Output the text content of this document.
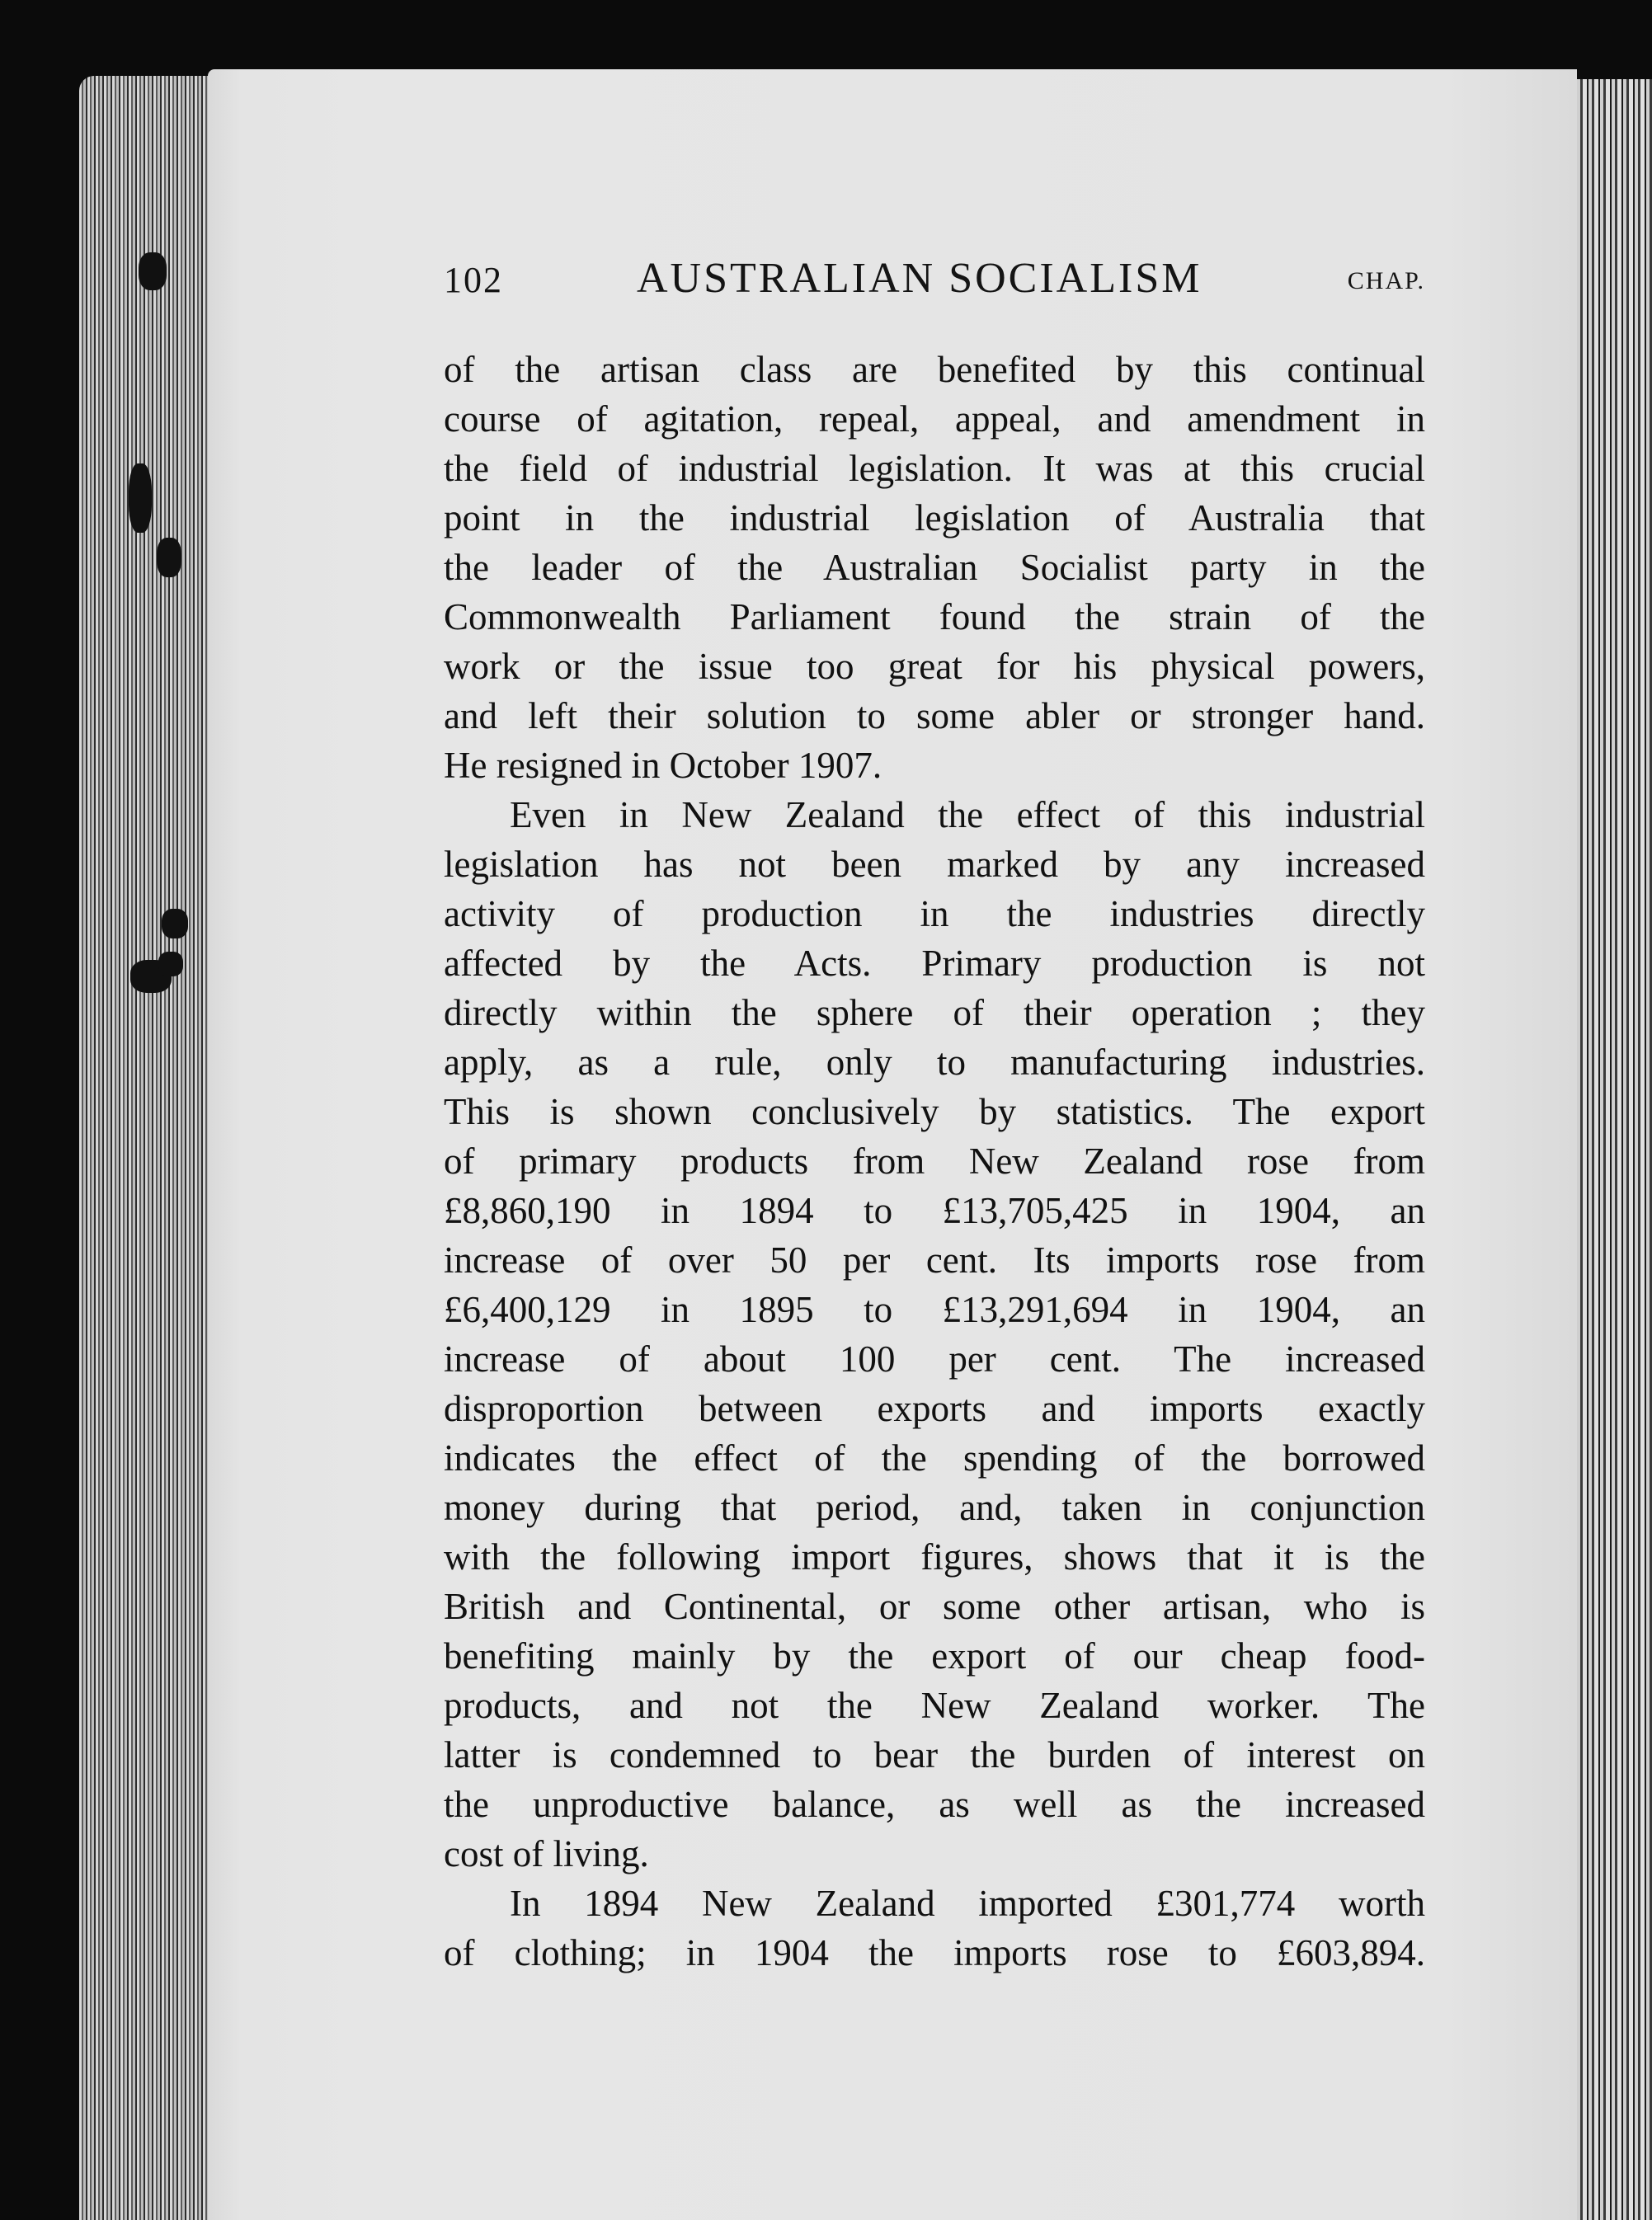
102	AUSTRALIAN SOCIALISM	CHAP.
of the artisan class are benefited by this continual
course of agitation, repeal, appeal, and amendment in
the field of industrial legislation. It was at this crucial
point in the industrial legislation of Australia that
the leader of the Australian Socialist party in the
Commonwealth Parliament found the strain of the
work or the issue too great for his physical powers,
and left their solution to some abler or stronger hand.
He resigned in October 1907.
Even in New Zealand the effect of this industrial
legislation has not been marked by any increased
activity of production in the industries directly
affected by the Acts. Primary production is not
directly within the sphere of their operation ; they
apply, as a rule, only to manufacturing industries.
This is shown conclusively by statistics. The export
of primary products from New Zealand rose from
£8,860,190 in 1894 to £13,705,425 in 1904, an
increase of over 50 per cent. Its imports rose from
£6,400,129 in 1895 to £13,291,694 in 1904, an
increase of about 100 per cent. The increased
disproportion between exports and imports exactly
indicates the effect of the spending of the borrowed
money during that period, and, taken in conjunction
with the following import figures, shows that it is the
British and Continental, or some other artisan, who is
benefiting mainly by the export of our cheap food-
products, and not the New Zealand worker. The
latter is condemned to bear the burden of interest on
the unproductive balance, as well as the increased
cost of living.
In 1894 New Zealand imported £301,774 worth
of clothing; in 1904 the imports rose to £603,894.
